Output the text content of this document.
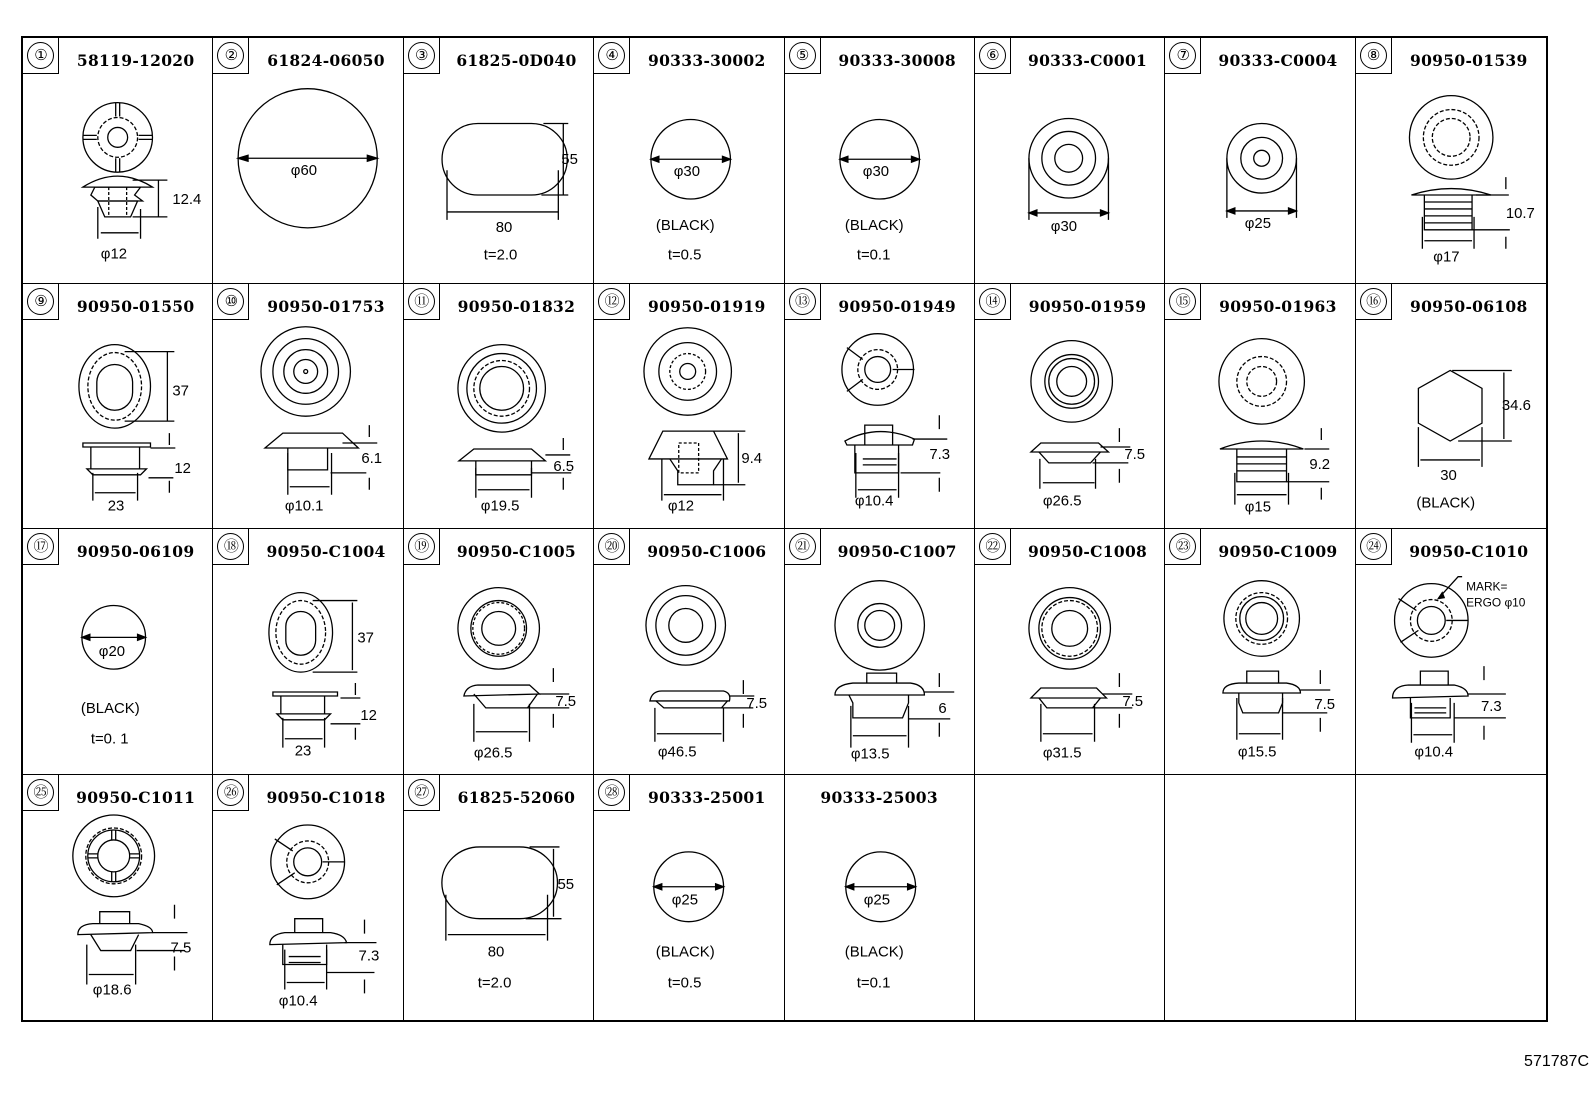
①	58119-12020
12.4
φ12
②	61824-06050
φ60
③	61825-0D040
55
80
t=2.0
④	90333-30002
φ30
(BLACK)
t=0.5
⑤	90333-30008
φ30
(BLACK)
t=0.1
⑥	90333-C0001
φ30
⑦	90333-C0004
φ25
⑧	90950-01539
10.7
φ17
⑨	90950-01550
37
12
23
⑩	90950-01753
6.1
φ10.1
⑪	90950-01832
6.5
φ19.5
⑫	90950-01919
9.4
φ12
⑬	90950-01949
7.3
φ10.4
⑭	90950-01959
7.5
φ26.5
⑮	90950-01963
9.2
φ15
⑯	90950-06108
34.6
30
(BLACK)
⑰	90950-06109
φ20
(BLACK)
t=0. 1
⑱	90950-C1004
37
12
23
⑲	90950-C1005
7.5
φ26.5
⑳	90950-C1006
7.5
φ46.5
㉑	90950-C1007
6
φ13.5
㉒	90950-C1008
7.5
φ31.5
㉓	90950-C1009
7.5
φ15.5
㉔	90950-C1010
MARK=
ERGO φ10
7.3
φ10.4
㉕	90950-C1011
7.5
φ18.6
㉖	90950-C1018
7.3
φ10.4
㉗	61825-52060
55
80
t=2.0
㉘	90333-25001
φ25
(BLACK)
t=0.5
90333-25003
φ25
(BLACK)
t=0.1
571787C
